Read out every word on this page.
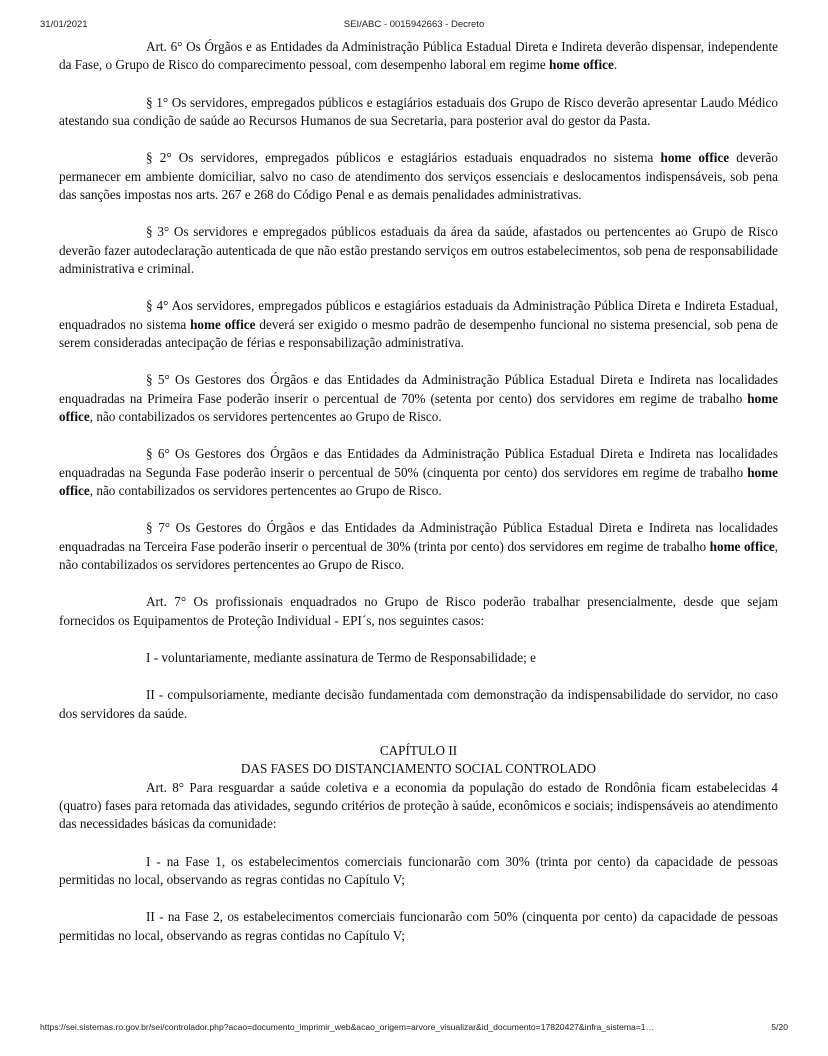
31/01/2021	SEI/ABC - 0015942663 - Decreto

Art. 6° Os Órgãos e as Entidades da Administração Pública Estadual Direta e Indireta deverão dispensar, independente da Fase, o Grupo de Risco do comparecimento pessoal, com desempenho laboral em regime home office.

§ 1° Os servidores, empregados públicos e estagiários estaduais dos Grupo de Risco deverão apresentar Laudo Médico atestando sua condição de saúde ao Recursos Humanos de sua Secretaria, para posterior aval do gestor da Pasta.

§ 2° Os servidores, empregados públicos e estagiários estaduais enquadrados no sistema home office deverão permanecer em ambiente domiciliar, salvo no caso de atendimento dos serviços essenciais e deslocamentos indispensáveis, sob pena das sanções impostas nos arts. 267 e 268 do Código Penal e as demais penalidades administrativas.

§ 3° Os servidores e empregados públicos estaduais da área da saúde, afastados ou pertencentes ao Grupo de Risco deverão fazer autodeclaração autenticada de que não estão prestando serviços em outros estabelecimentos, sob pena de responsabilidade administrativa e criminal.

§ 4° Aos servidores, empregados públicos e estagiários estaduais da Administração Pública Direta e Indireta Estadual, enquadrados no sistema home office deverá ser exigido o mesmo padrão de desempenho funcional no sistema presencial, sob pena de serem consideradas antecipação de férias e responsabilização administrativa.

§ 5° Os Gestores dos Órgãos e das Entidades da Administração Pública Estadual Direta e Indireta nas localidades enquadradas na Primeira Fase poderão inserir o percentual de 70% (setenta por cento) dos servidores em regime de trabalho home office, não contabilizados os servidores pertencentes ao Grupo de Risco.

§ 6° Os Gestores dos Órgãos e das Entidades da Administração Pública Estadual Direta e Indireta nas localidades enquadradas na Segunda Fase poderão inserir o percentual de 50% (cinquenta por cento) dos servidores em regime de trabalho home office, não contabilizados os servidores pertencentes ao Grupo de Risco.

§ 7° Os Gestores do Órgãos e das Entidades da Administração Pública Estadual Direta e Indireta nas localidades enquadradas na Terceira Fase poderão inserir o percentual de 30% (trinta por cento) dos servidores em regime de trabalho home office, não contabilizados os servidores pertencentes ao Grupo de Risco.

Art. 7° Os profissionais enquadrados no Grupo de Risco poderão trabalhar presencialmente, desde que sejam fornecidos os Equipamentos de Proteção Individual - EPI´s, nos seguintes casos:

I - voluntariamente, mediante assinatura de Termo de Responsabilidade; e

II - compulsoriamente, mediante decisão fundamentada com demonstração da indispensabilidade do servidor, no caso dos servidores da saúde.

CAPÍTULO II

DAS FASES DO DISTANCIAMENTO SOCIAL CONTROLADO

Art. 8° Para resguardar a saúde coletiva e a economia da população do estado de Rondônia ficam estabelecidas 4 (quatro) fases para retomada das atividades, segundo critérios de proteção à saúde, econômicos e sociais; indispensáveis ao atendimento das necessidades básicas da comunidade:

I - na Fase 1, os estabelecimentos comerciais funcionarão com 30% (trinta por cento) da capacidade de pessoas permitidas no local, observando as regras contidas no Capítulo V;

II - na Fase 2, os estabelecimentos comerciais funcionarão com 50% (cinquenta por cento) da capacidade de pessoas permitidas no local, observando as regras contidas no Capítulo V;

https://sei.sistemas.ro.gov.br/sei/controlador.php?acao=documento_imprimir_web&acao_origem=arvore_visualizar&id_documento=17820427&infra_sistema=1…	5/20
